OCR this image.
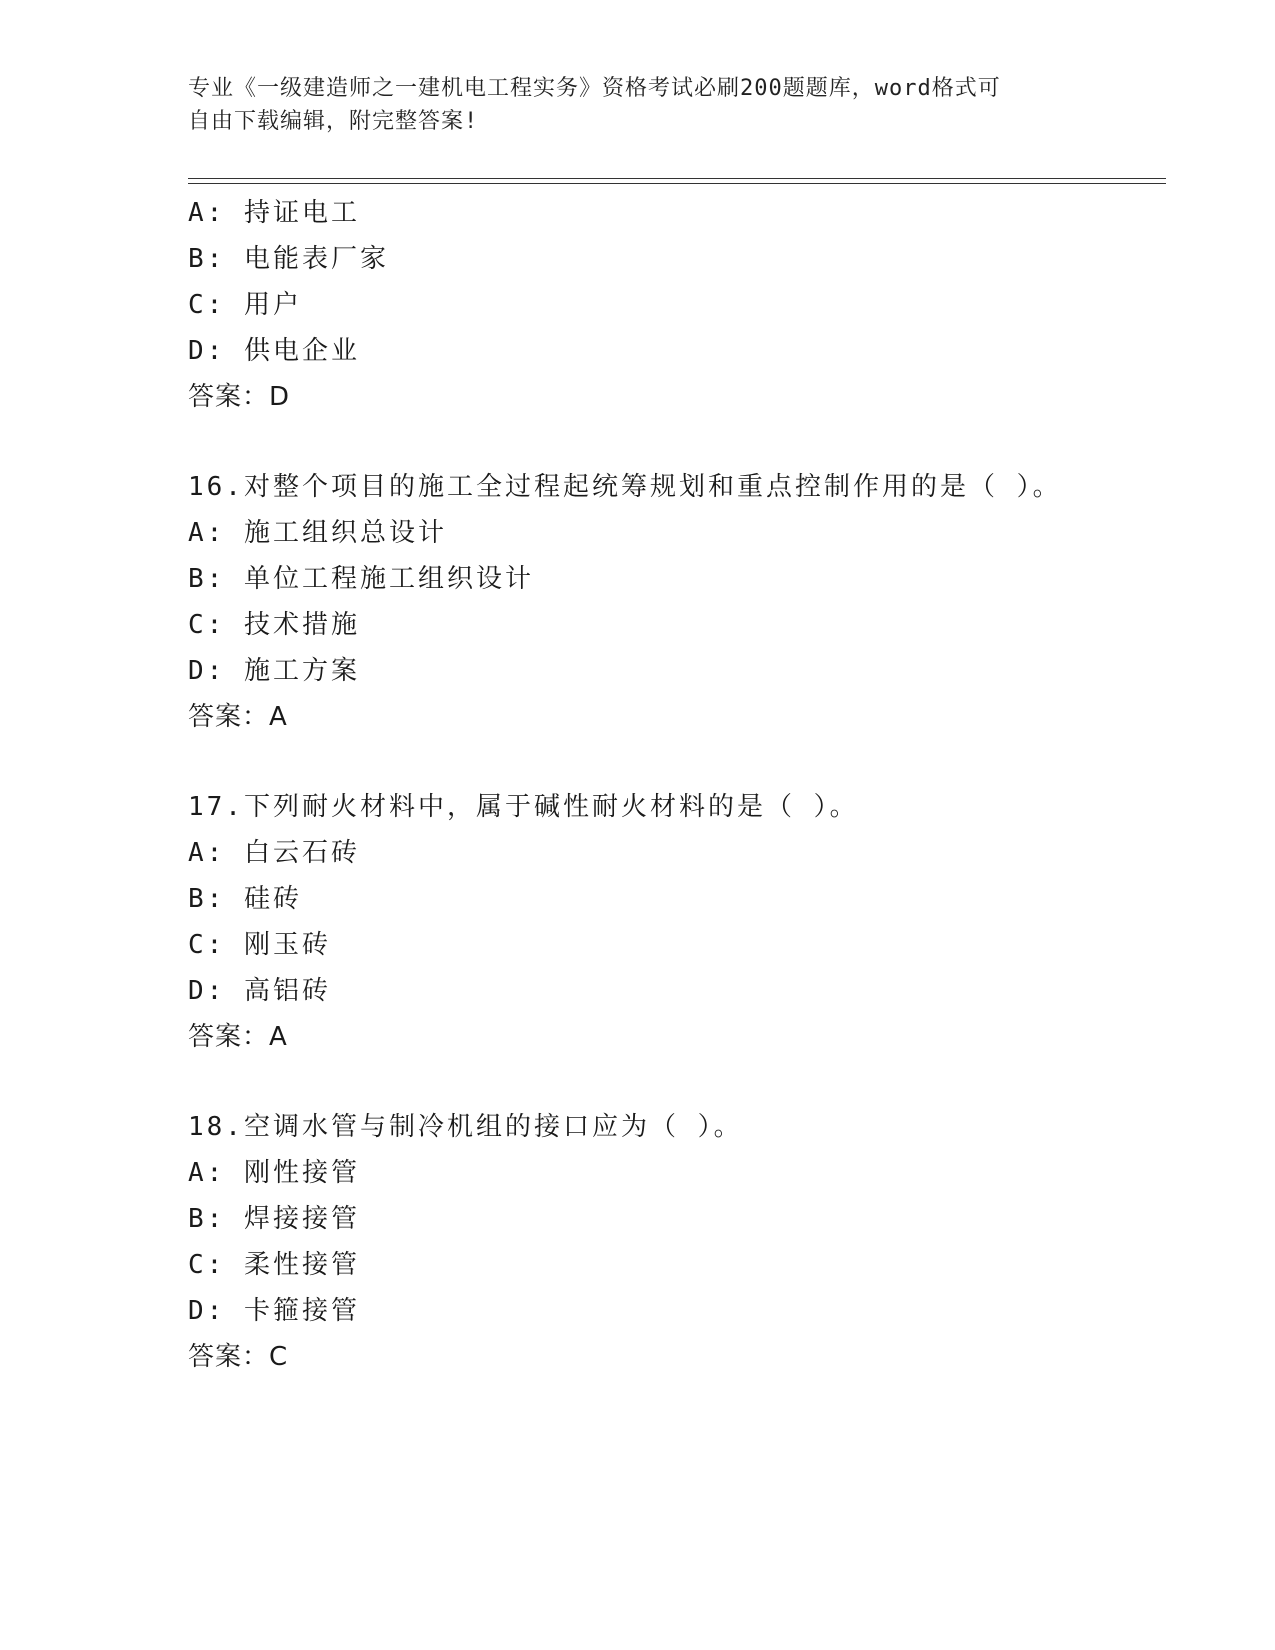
专业《一级建造师之一建机电工程实务》资格考试必刷200题题库，word格式可
自由下载编辑，附完整答案!
A: 持证电工
B: 电能表厂家
C: 用户
D: 供电企业
答案：D
16.对整个项目的施工全过程起统筹规划和重点控制作用的是（ ）。
A: 施工组织总设计
B: 单位工程施工组织设计
C: 技术措施
D: 施工方案
答案：A
17.下列耐火材料中，属于碱性耐火材料的是（ ）。
A: 白云石砖
B: 硅砖
C: 刚玉砖
D: 高铝砖
答案：A
18.空调水管与制冷机组的接口应为（ ）。
A: 刚性接管
B: 焊接接管
C: 柔性接管
D: 卡箍接管
答案：C
